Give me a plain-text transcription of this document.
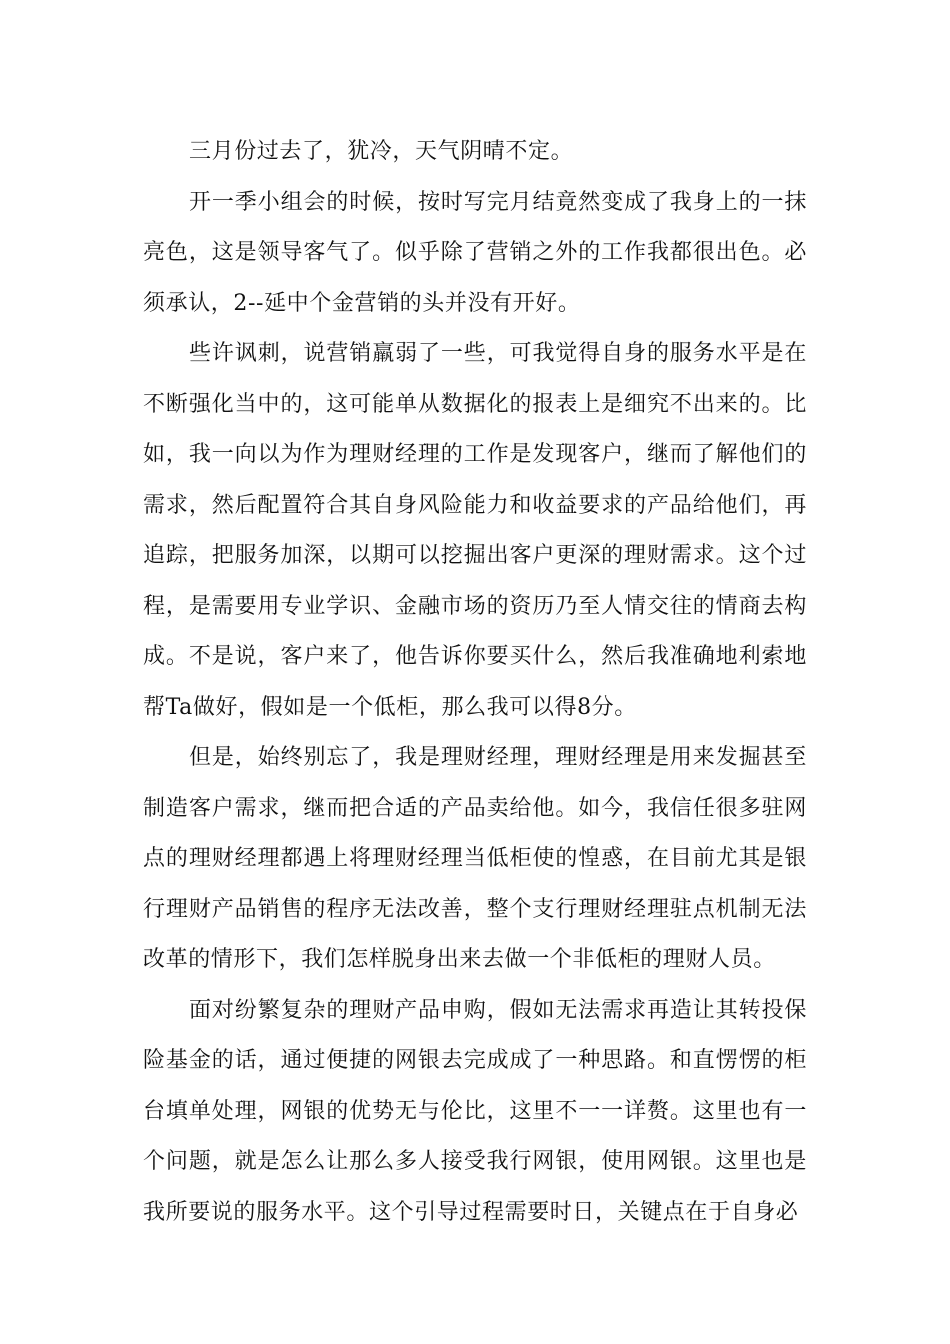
三月份过去了，犹冷，天气阴晴不定。

开一季小组会的时候，按时写完月结竟然变成了我身上的一抹亮色，这是领导客气了。似乎除了营销之外的工作我都很出色。必须承认，2--延中个金营销的头并没有开好。

些许讽刺，说营销羸弱了一些，可我觉得自身的服务水平是在不断强化当中的，这可能单从数据化的报表上是细究不出来的。比如，我一向以为作为理财经理的工作是发现客户，继而了解他们的需求，然后配置符合其自身风险能力和收益要求的产品给他们，再追踪，把服务加深，以期可以挖掘出客户更深的理财需求。这个过程，是需要用专业学识、金融市场的资历乃至人情交往的情商去构成。不是说，客户来了，他告诉你要买什么，然后我准确地利索地帮Ta做好，假如是一个低柜，那么我可以得8分。

但是，始终别忘了，我是理财经理，理财经理是用来发掘甚至制造客户需求，继而把合适的产品卖给他。如今，我信任很多驻网点的理财经理都遇上将理财经理当低柜使的惶惑，在目前尤其是银行理财产品销售的程序无法改善，整个支行理财经理驻点机制无法改革的情形下，我们怎样脱身出来去做一个非低柜的理财人员。

面对纷繁复杂的理财产品申购，假如无法需求再造让其转投保险基金的话，通过便捷的网银去完成成了一种思路。和直愣愣的柜台填单处理，网银的优势无与伦比，这里不一一详赘。这里也有一个问题，就是怎么让那么多人接受我行网银，使用网银。这里也是我所要说的服务水平。这个引导过程需要时日，关键点在于自身必
